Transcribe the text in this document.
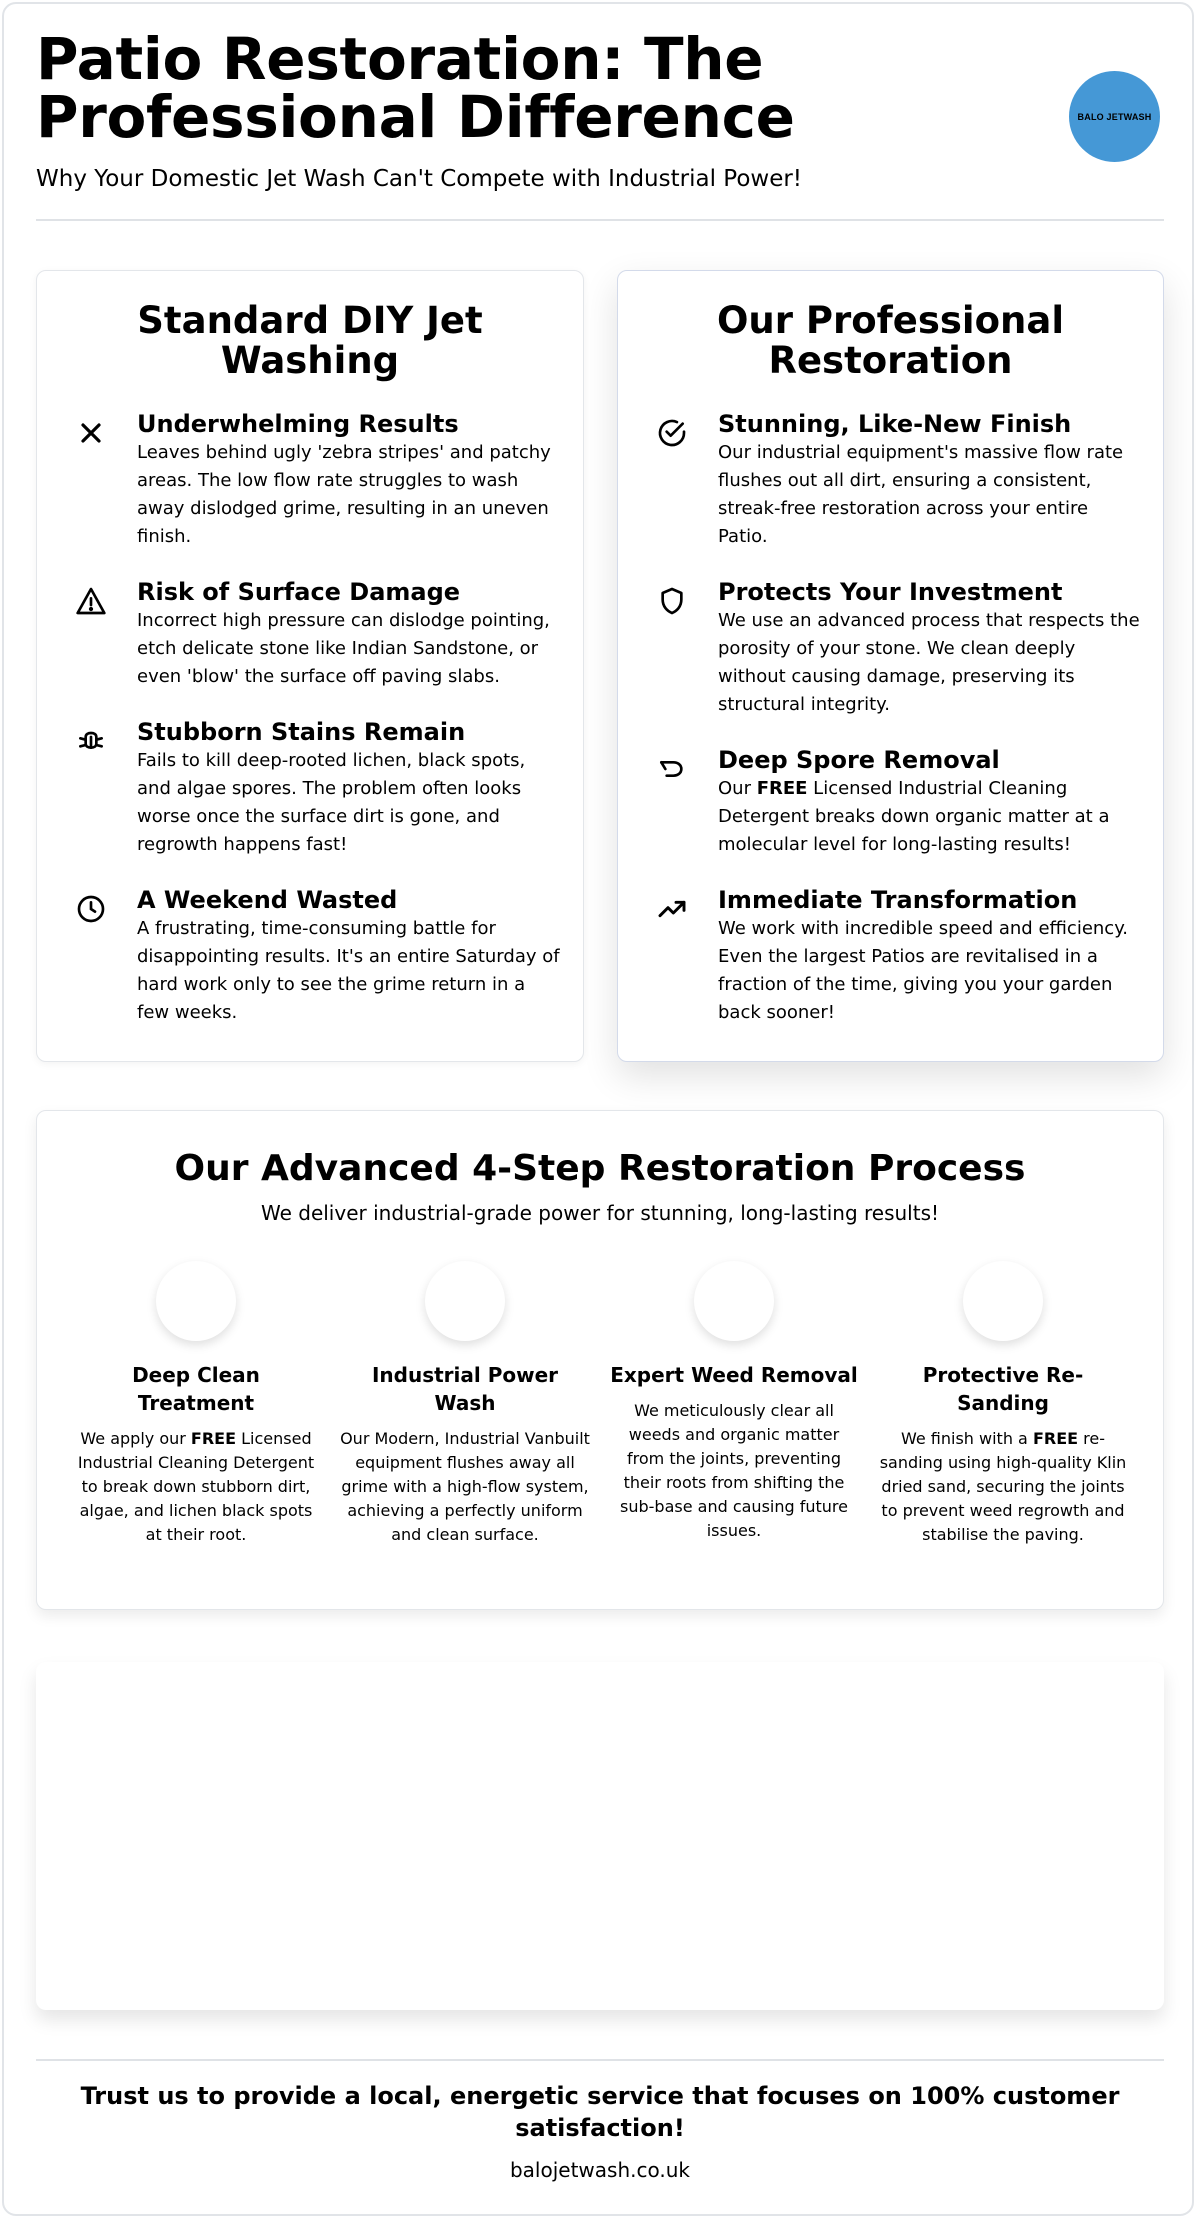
Patio Restoration: The Professional Difference

Why Your Domestic Jet Wash Can't Compete with Industrial Power!

BALO JETWASH
Standard DIY Jet Washing
Underwhelming Results

Leaves behind ugly 'zebra stripes' and patchy areas. The low flow rate struggles to wash away dislodged grime, resulting in an uneven finish.

Risk of Surface Damage

Incorrect high pressure can dislodge pointing, etch delicate stone like Indian Sandstone, or even 'blow' the surface off paving slabs.

Stubborn Stains Remain

Fails to kill deep-rooted lichen, black spots, and algae spores. The problem often looks worse once the surface dirt is gone, and regrowth happens fast!

A Weekend Wasted

A frustrating, time-consuming battle for disappointing results. It's an entire Saturday of hard work only to see the grime return in a few weeks.

Our Professional Restoration
Stunning, Like-New Finish

Our industrial equipment's massive flow rate flushes out all dirt, ensuring a consistent, streak-free restoration across your entire Patio.

Protects Your Investment

We use an advanced process that respects the porosity of your stone. We clean deeply without causing damage, preserving its structural integrity.

Deep Spore Removal

Our FREE Licensed Industrial Cleaning Detergent breaks down organic matter at a molecular level for long-lasting results!

Immediate Transformation

We work with incredible speed and efficiency. Even the largest Patios are revitalised in a fraction of the time, giving you your garden back sooner!

Our Advanced 4-Step Restoration Process

We deliver industrial-grade power for stunning, long-lasting results!

Deep Clean Treatment

We apply our FREE Licensed Industrial Cleaning Detergent to break down stubborn dirt, algae, and lichen black spots at their root.

Industrial Power Wash

Our Modern, Industrial Vanbuilt equipment flushes away all grime with a high-flow system, achieving a perfectly uniform and clean surface.

Expert Weed Removal

We meticulously clear all weeds and organic matter from the joints, preventing their roots from shifting the sub-base and causing future issues.

Protective Re-Sanding

We finish with a FREE re-sanding using high-quality Klin dried sand, securing the joints to prevent weed regrowth and stabilise the paving.

Trust us to provide a local, energetic service that focuses on 100% customer satisfaction!

balojetwash.co.uk
